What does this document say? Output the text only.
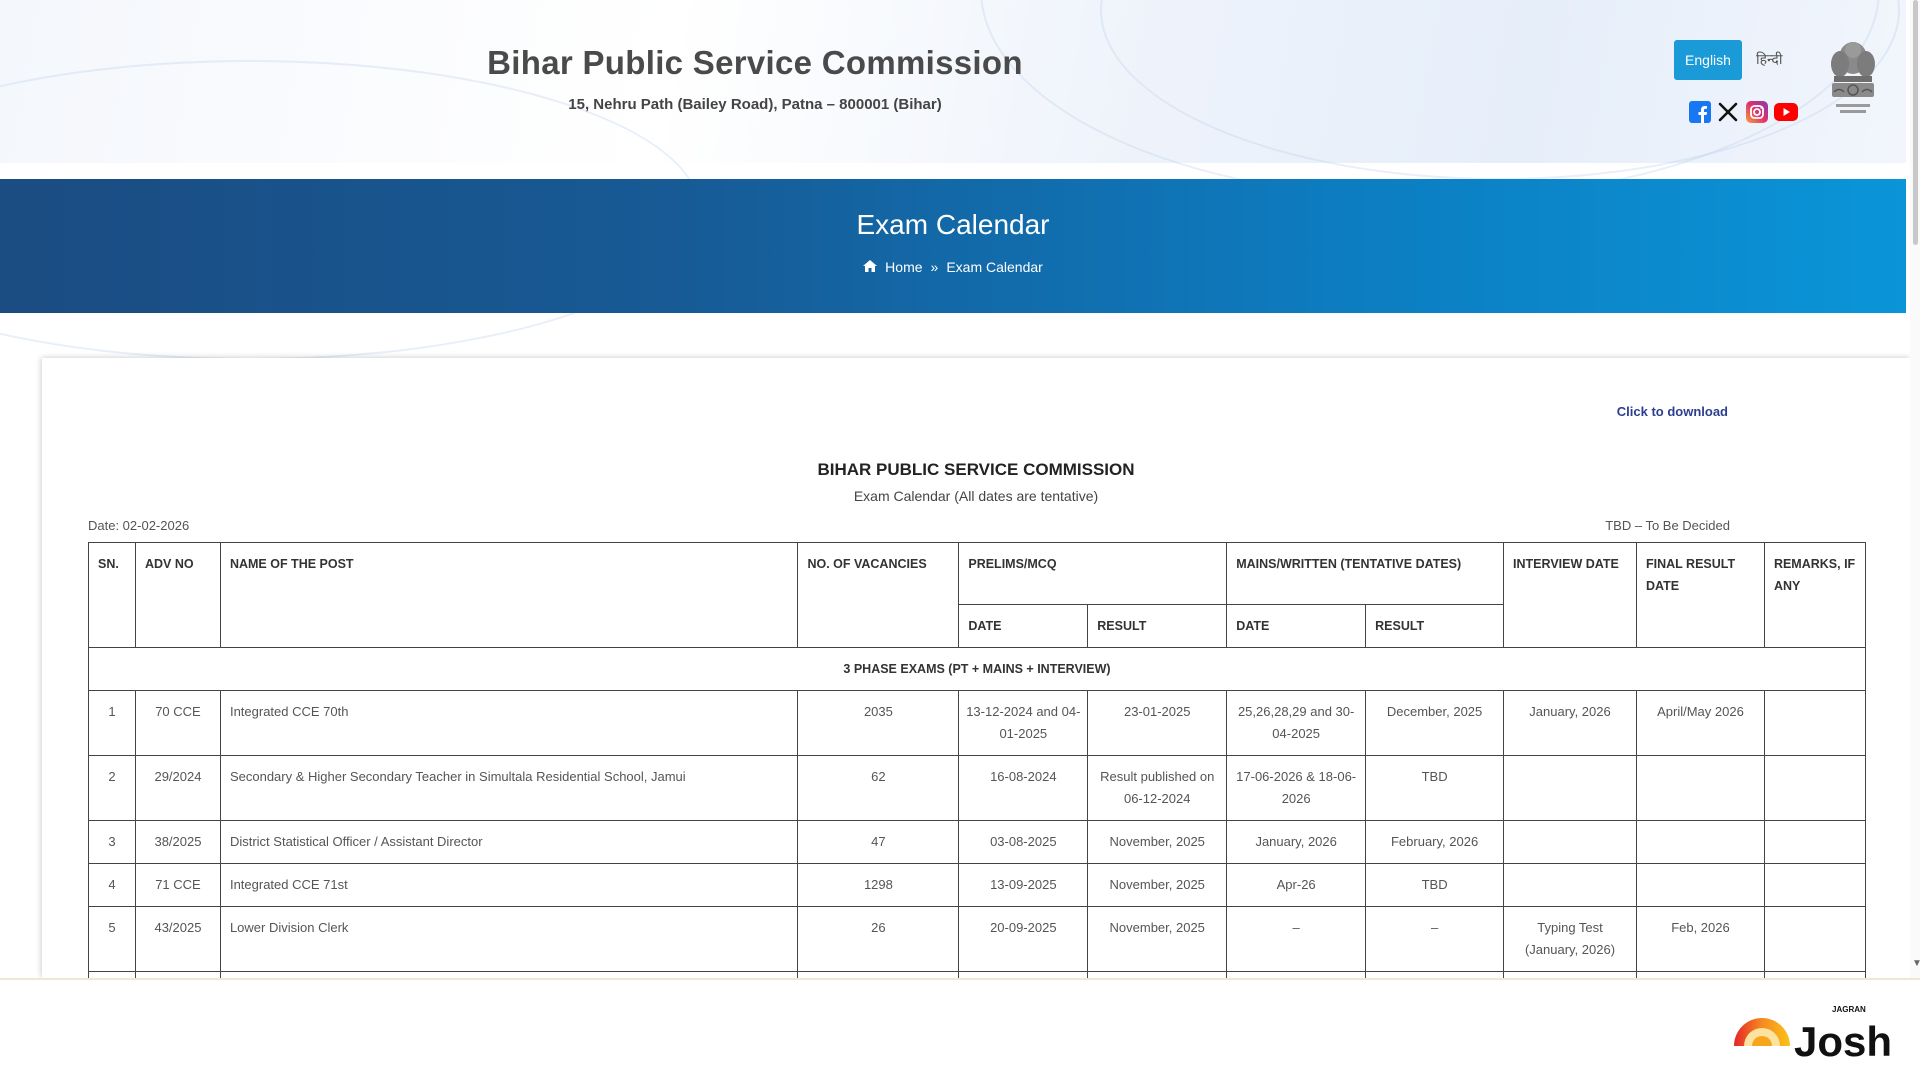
Bihar Public Service Commission
15, Nehru Path (Bailey Road), Patna – 800001 (Bihar)
English	हिन्दी
Exam Calendar
Home » Exam Calendar
Click to download
BIHAR PUBLIC SERVICE COMMISSION
Exam Calendar (All dates are tentative)
Date: 02-02-2026	TBD – To Be Decided
SN.	ADV NO	NAME OF THE POST	NO. OF VACANCIES	PRELIMS/MCQ		MAINS/WRITTEN (TENTATIVE DATES)		INTERVIEW DATE	FINAL RESULT DATE	REMARKS, IF ANY
				DATE	RESULT	DATE	RESULT			
3 PHASE EXAMS (PT + MAINS + INTERVIEW)										
1	70 CCE	Integrated CCE 70th	2035	13-12-2024 and 04-01-2025	23-01-2025	25,26,28,29 and 30-04-2025	December, 2025	January, 2026	April/May 2026	
2	29/2024	Secondary & Higher Secondary Teacher in Simultala Residential School, Jamui	62	16-08-2024	Result published on 06-12-2024	17-06-2026 & 18-06-2026	TBD			
3	38/2025	District Statistical Officer / Assistant Director	47	03-08-2025	November, 2025	January, 2026	February, 2026			
4	71 CCE	Integrated CCE 71st	1298	13-09-2025	November, 2025	Apr-26	TBD			
5	43/2025	Lower Division Clerk	26	20-09-2025	November, 2025	–	–	Typing Test (January, 2026)	Feb, 2026	

▼
JAGRAN
Josh
